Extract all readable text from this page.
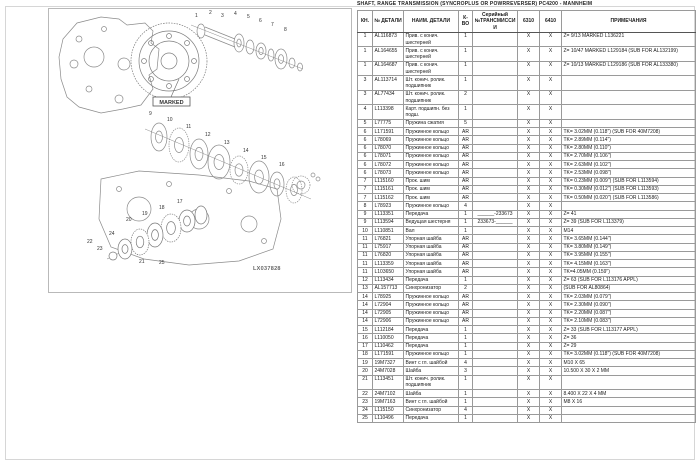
SHAFT, RANGE TRANSMISSION (SYNCROPLUS OR POWRREVERSER) PC4200 - MANNHEIM
MARKED
1 2 3 4 5
6
7
8
9
10
11
12
13
14
15
16
17
18
19
20
21
22
23
24
25
LX037828
КН.	№ ДЕТАЛИ	НАИМ. ДЕТАЛИ	К-ВО	Серийный №ТРАНСМИССИИ	6310	6410	ПРИМЕЧАНИЯ
1	AL116873	Прив. с конич. шестерней	1		X	X	Z= 9/13 MARKED L136221
1	AL164655	Прив. с конич. шестерней	1		X	X	Z= 10/47 MARKED L129184 (SUB FOR AL132199)
1	AL164687	Прив. с конич. шестерней	1		X	X	Z= 10/13 MARKED L129186 (SUB FOR AL133380)
3	AL113714	Шт. конич. ролик. подшипник	1		X	X	
3	AL77434	Шт. конич. ролик. подшипник	2		X	X	
4	L113398	Карт. подшипн. без подш.	1		X	X	
5	L77775	Пружина сжатия	5		X	X	
6	L171591	Пружинное кольцо	AR		X	X	TK= 3.02MM (0.118") (SUB FOR 40M7208)
6	L78069	Пружинное кольцо	AR		X	X	TK= 2.89MM (0.114")
6	L78070	Пружинное кольцо	AR		X	X	TK= 2.80MM (0.110")
6	L78071	Пружинное кольцо	AR		X	X	TK= 2.70MM (0.106")
6	L78072	Пружинное кольцо	AR		X	X	TK= 2.63MM (0.102")
6	L78073	Пружинное кольцо	AR		X	X	TK= 2.53MM (0.098")
7	L115160	Прок. шим	AR		X	X	TK= 0.23MM (0.009") (SUB FOR L113594)
7	L115161	Прок. шим	AR		X	X	TK= 0.30MM (0.012") (SUB FOR L113593)
7	L115162	Прок. шим	AR		X	X	TK= 0.50MM (0.020") (SUB FOR L113586)
8	L78923	Пружинное кольцо	4		X	X	
9	L113351	Передача	1	______-233673	X	X	Z= 41
9	L113594	Ведущая шестерня	1	233673-______	X	X	Z= 39 (SUB FOR L113379)
10	L110851	Вал	1		X	X	M14
11	L76821	Упорная шайба	AR		X	X	TK= 3.65MM (0.144")
11	L75917	Упорная шайба	AR		X	X	TK= 3.80MM (0.149")
11	L76820	Упорная шайба	AR		X	X	TK= 3.95MM (0.155")
11	L113359	Упорная шайба	AR		X	X	TK= 4.15MM (0.163")
11	L103650	Упорная шайба	AR		X	X	TK=4.05MM (0.159")
12	L113434	Передача	1		X	X	Z= 63 (SUB FOR L113176 APPL)
13	AL157713	Синхронизатор	2		X	X	(SUB FOR AL80864)
14	L78925	Пружинное кольцо	AR		X	X	TK= 2.03MM (0.079")
14	L72904	Пружинное кольцо	AR		X	X	TK= 2.30MM (0.090")
14	L72905	Пружинное кольцо	AR		X	X	TK= 2.20MM (0.087")
14	L72906	Пружинное кольцо	AR		X	X	TK= 2.10MM (0.083")
15	L112184	Передача	1		X	X	Z= 33 (SUB FOR L113177 APPL)
16	L110050	Передача	1		X	X	Z= 36
17	L110462	Передача	1		X	X	Z= 29
18	L171591	Пружинное кольцо	1		X	X	TK= 3.02MM (0.118") (SUB FOR 40M7208)
19	19M7327	Винт с гл. шайбой	4		X	X	M10 X 65
20	24M7028	Шайба	3		X	X	10.500 X 30 X 2 MM
21	L113451	Шт. конич. ролик. подшипник	1		X	X	
22	24M7102	Шайба	1		X	X	8.400 X 22 X 4 MM
23	19M7163	Винт с гл. шайбой	1		X	X	M8 X 16
24	L115150	Синхронизатор	4		X	X	
25	L110496	Передача	1		X	X	
